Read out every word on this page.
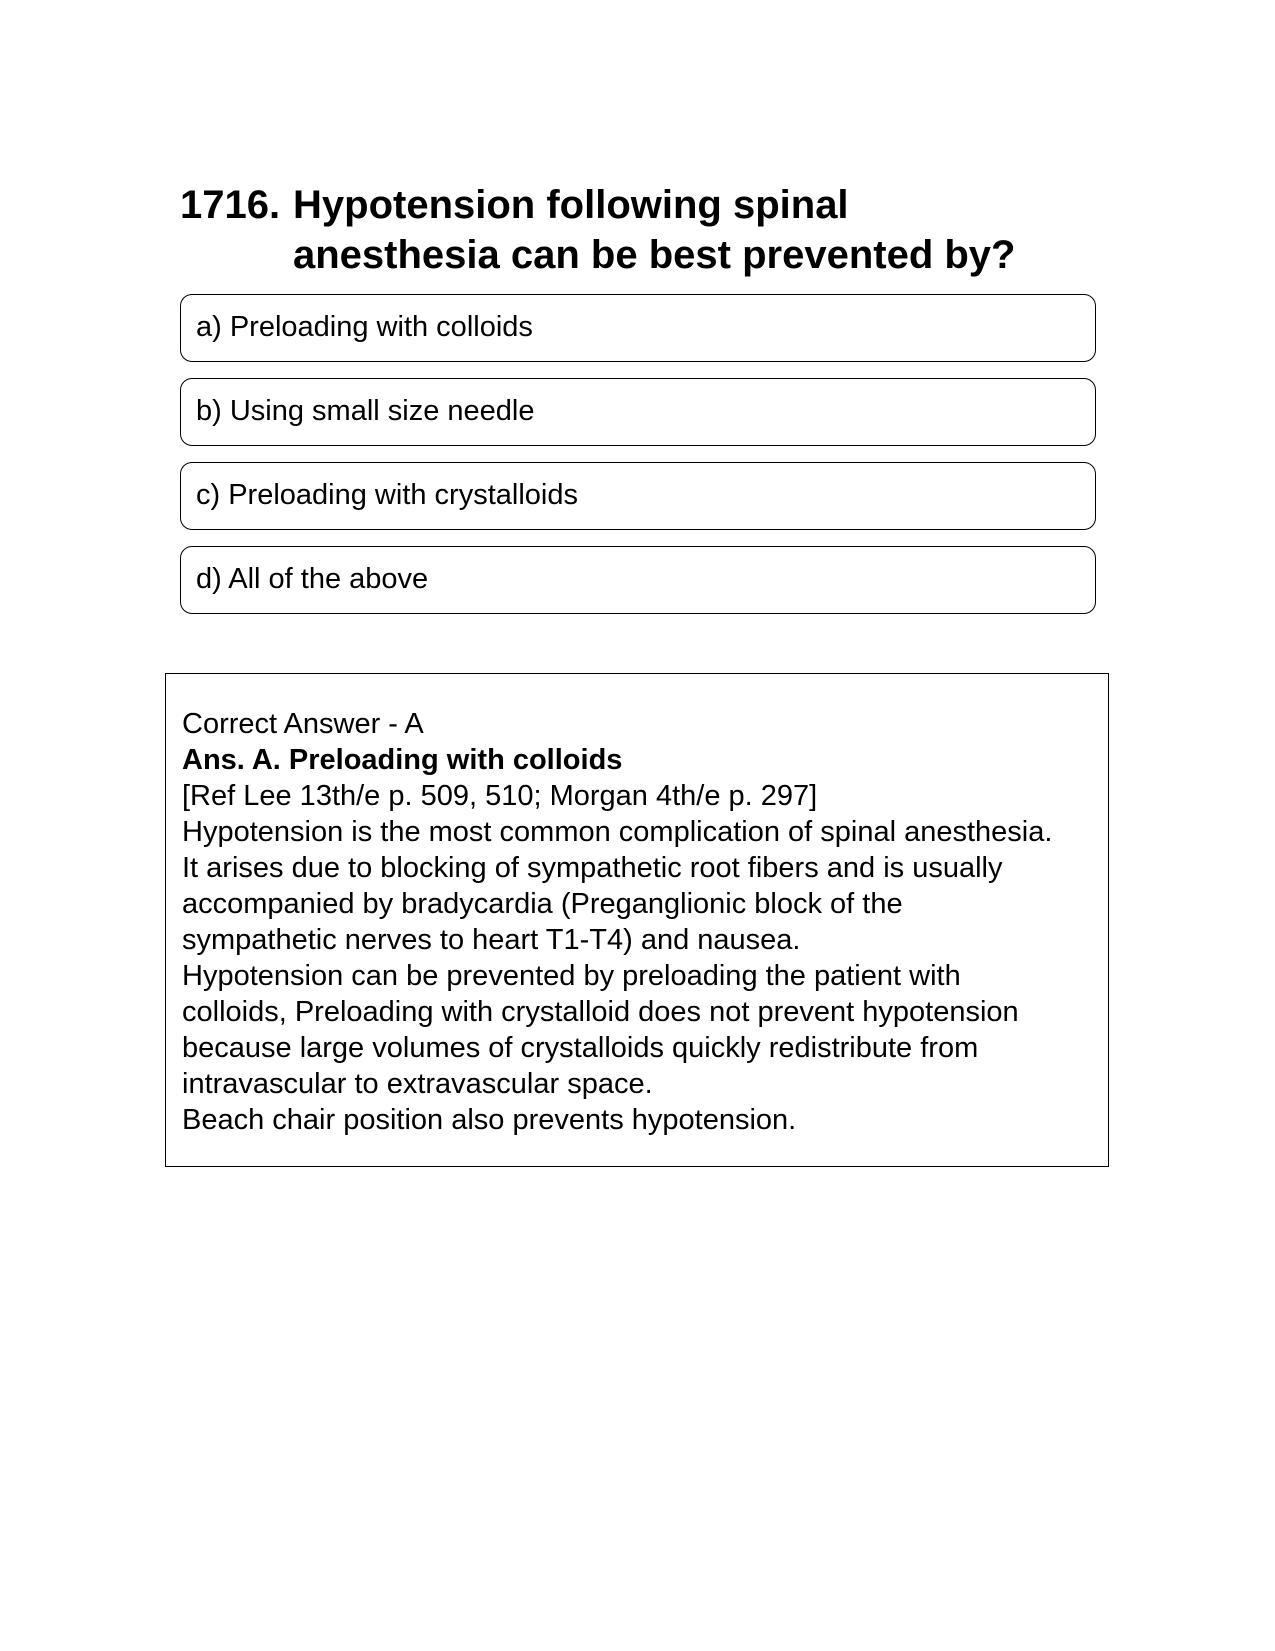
1716. Hypotension following spinal
anesthesia can be best prevented by?
a) Preloading with colloids
b) Using small size needle
c) Preloading with crystalloids
d) All of the above
Correct Answer - A
Ans. A. Preloading with colloids
[Ref Lee 13th/e p. 509, 510; Morgan 4th/e p. 297]
Hypotension is the most common complication of spinal anesthesia.
It arises due to blocking of sympathetic root fibers and is usually
accompanied by bradycardia (Preganglionic block of the
sympathetic nerves to heart T1-T4) and nausea.
Hypotension can be prevented by preloading the patient with
colloids, Preloading with crystalloid does not prevent hypotension
because large volumes of crystalloids quickly redistribute from
intravascular to extravascular space.
Beach chair position also prevents hypotension.
